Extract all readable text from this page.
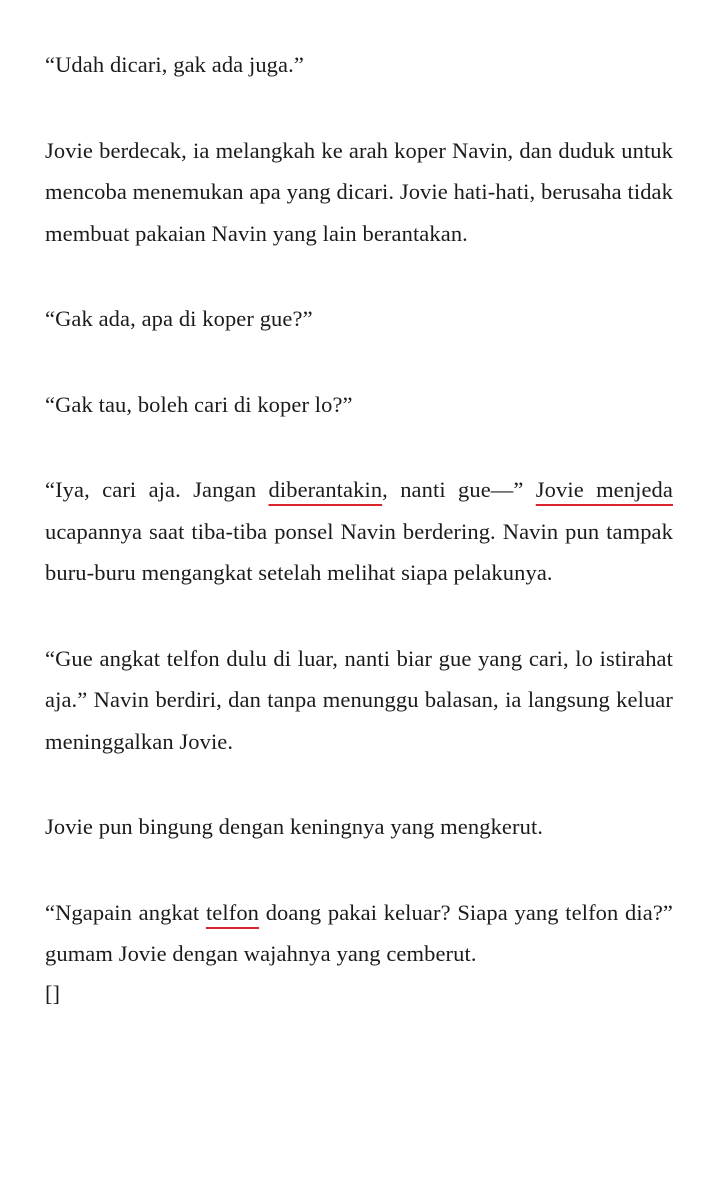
“Udah dicari, gak ada juga.”

Jovie berdecak, ia melangkah ke arah koper Navin, dan duduk untuk mencoba menemukan apa yang dicari. Jovie hati-hati, berusaha tidak membuat pakaian Navin yang lain berantakan.

“Gak ada, apa di koper gue?”

“Gak tau, boleh cari di koper lo?”

“Iya, cari aja. Jangan diberantakin, nanti gue—” Jovie menjeda ucapannya saat tiba-tiba ponsel Navin berdering. Navin pun tampak buru-buru mengangkat setelah melihat siapa pelakunya.

“Gue angkat telfon dulu di luar, nanti biar gue yang cari, lo istirahat aja.” Navin berdiri, dan tanpa menunggu balasan, ia langsung keluar meninggalkan Jovie.

Jovie pun bingung dengan keningnya yang mengkerut.

“Ngapain angkat telfon doang pakai keluar? Siapa yang telfon dia?” gumam Jovie dengan wajahnya yang cemberut.

[]
